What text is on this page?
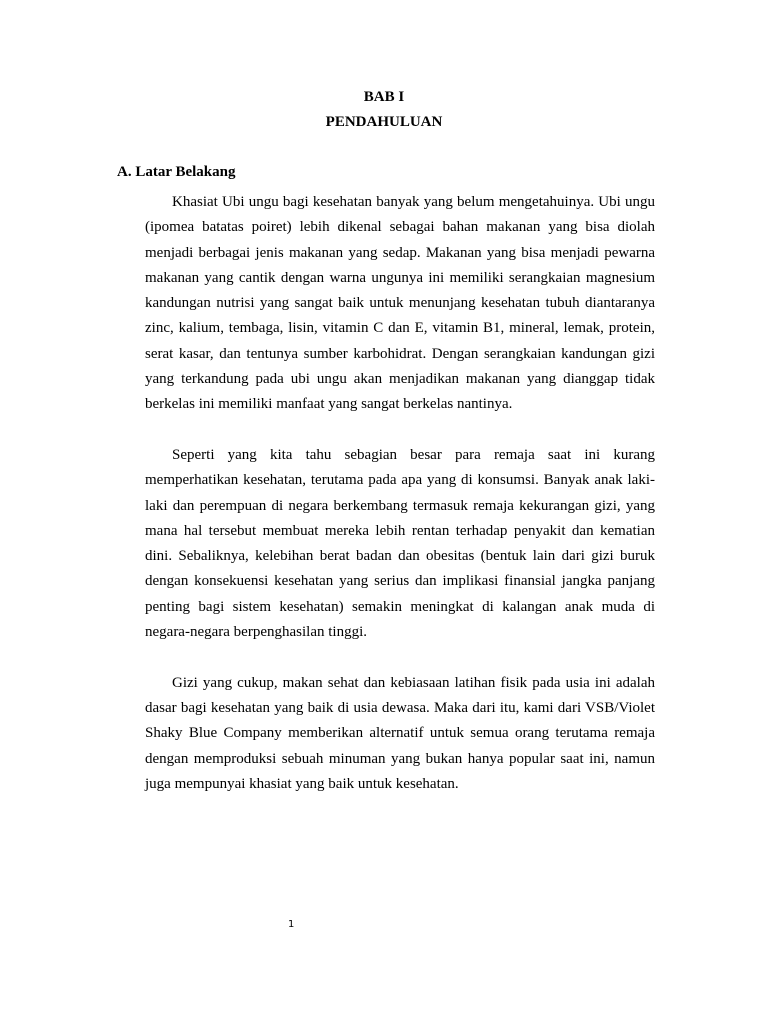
BAB I
PENDAHULUAN
A. Latar Belakang

Khasiat Ubi ungu bagi kesehatan banyak yang belum mengetahuinya. Ubi ungu (ipomea batatas poiret) lebih dikenal sebagai bahan makanan yang bisa diolah menjadi berbagai jenis makanan yang sedap. Makanan yang bisa menjadi pewarna makanan yang cantik dengan warna ungunya ini memiliki serangkaian magnesium kandungan nutrisi yang sangat baik untuk menunjang kesehatan tubuh diantaranya zinc, kalium, tembaga, lisin, vitamin C dan E, vitamin B1, mineral, lemak, protein, serat kasar, dan tentunya sumber karbohidrat. Dengan serangkaian kandungan gizi yang terkandung pada ubi ungu akan menjadikan makanan yang dianggap tidak berkelas ini memiliki manfaat yang sangat berkelas nantinya.

Seperti yang kita tahu sebagian besar para remaja saat ini kurang memperhatikan kesehatan, terutama pada apa yang di konsumsi. Banyak anak laki-laki dan perempuan di negara berkembang termasuk remaja kekurangan gizi, yang mana hal tersebut membuat mereka lebih rentan terhadap penyakit dan kematian dini. Sebaliknya, kelebihan berat badan dan obesitas (bentuk lain dari gizi buruk dengan konsekuensi kesehatan yang serius dan implikasi finansial jangka panjang penting bagi sistem kesehatan) semakin meningkat di kalangan anak muda di negara-negara berpenghasilan tinggi.

Gizi yang cukup, makan sehat dan kebiasaan latihan fisik pada usia ini adalah dasar bagi kesehatan yang baik di usia dewasa. Maka dari itu, kami dari VSB/Violet Shaky Blue Company memberikan alternatif untuk semua orang terutama remaja dengan memproduksi sebuah minuman yang bukan hanya popular saat ini, namun juga mempunyai khasiat yang baik untuk kesehatan.

1
